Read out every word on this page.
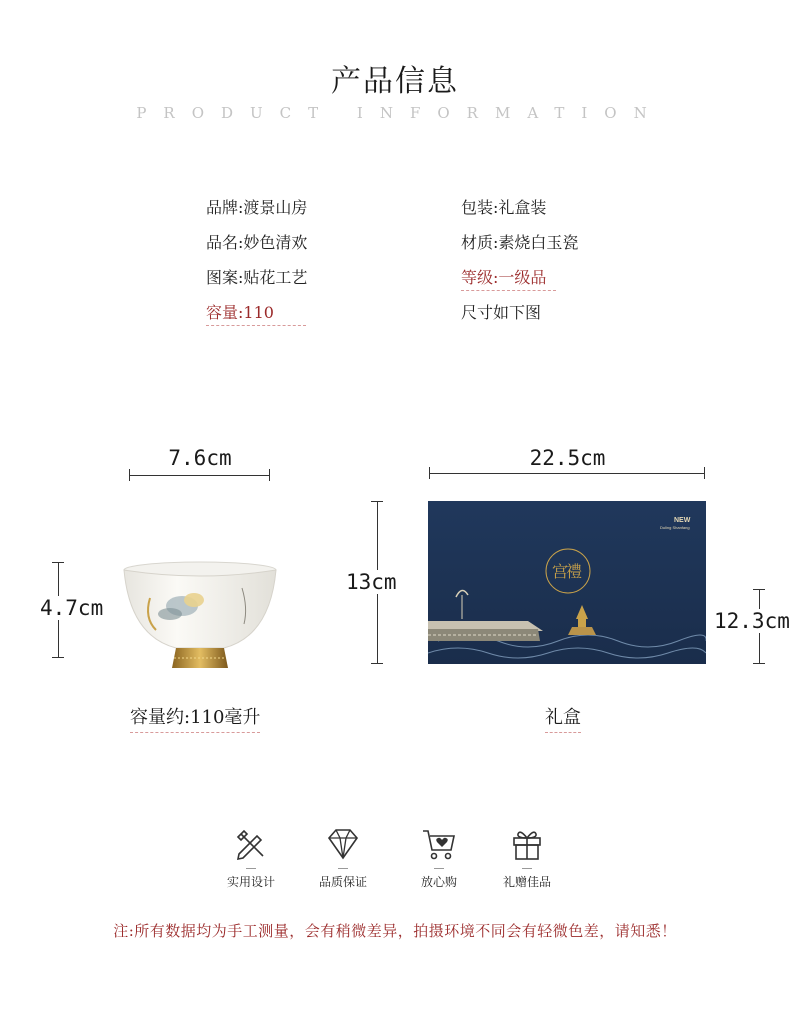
产品信息
PRODUCT INFORMATION
品牌:渡景山房
品名:妙色清欢
图案:贴花工艺
容量:110
包装:礼盒装
材质:素烧白玉瓷
等级:一级品
尺寸如下图
7.6cm
4.7cm
容量约:110毫升
22.5cm
13cm
NEW
Duling Shanfang
宫禮
12.3cm
礼盒
实用设计	品质保证	放心购	礼赠佳品
注:所有数据均为手工测量，会有稍微差异，拍摄环境不同会有轻微色差，请知悉！
